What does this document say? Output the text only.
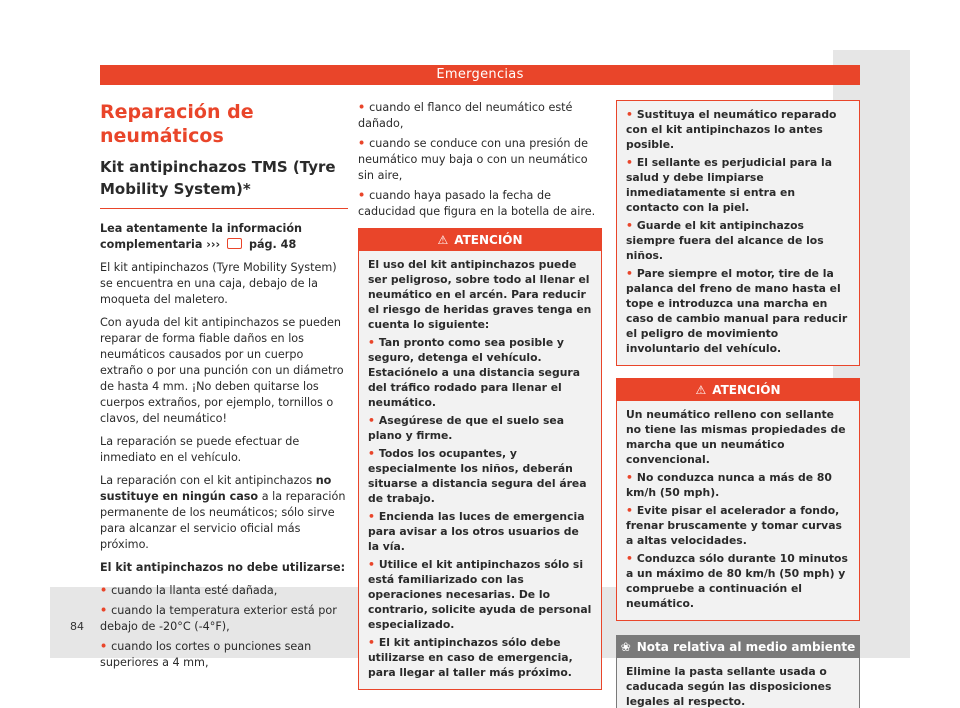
Emergencias
Reparación de neumáticos
Kit antipinchazos TMS (Tyre Mobility System)*

Lea atentamente la información complementaria ›››	pág. 48

El kit antipinchazos (Tyre Mobility System) se encuentra en una caja, debajo de la moqueta del maletero.

Con ayuda del kit antipinchazos se pueden reparar de forma fiable daños en los neumáticos causados por un cuerpo extraño o por una punción con un diámetro de hasta 4 mm. ¡No deben quitarse los cuerpos extraños, por ejemplo, tornillos o clavos, del neumático!

La reparación se puede efectuar de inmediato en el vehículo.

La reparación con el kit antipinchazos no sustituye en ningún caso a la reparación permanente de los neumáticos; sólo sirve para alcanzar el servicio oficial más próximo.

El kit antipinchazos no debe utilizarse:

• cuando la llanta esté dañada,
• cuando la temperatura exterior está por debajo de -20°C (-4°F),
• cuando los cortes o punciones sean superiores a 4 mm,
• cuando el flanco del neumático esté dañado,
• cuando se conduce con una presión de neumático muy baja o con un neumático sin aire,
• cuando haya pasado la fecha de caducidad que figura en la botella de aire.
⚠ ATENCIÓN

El uso del kit antipinchazos puede ser peligroso, sobre todo al llenar el neumático en el arcén. Para reducir el riesgo de heridas graves tenga en cuenta lo siguiente:

• Tan pronto como sea posible y seguro, detenga el vehículo. Estaciónelo a una distancia segura del tráfico rodado para llenar el neumático.
• Asegúrese de que el suelo sea plano y firme.
• Todos los ocupantes, y especialmente los niños, deberán situarse a distancia segura del área de trabajo.
• Encienda las luces de emergencia para avisar a los otros usuarios de la vía.
• Utilice el kit antipinchazos sólo si está familiarizado con las operaciones necesarias. De lo contrario, solicite ayuda de personal especializado.
• El kit antipinchazos sólo debe utilizarse en caso de emergencia, para llegar al taller más próximo.
• Sustituya el neumático reparado con el kit antipinchazos lo antes posible.
• El sellante es perjudicial para la salud y debe limpiarse inmediatamente si entra en contacto con la piel.
• Guarde el kit antipinchazos siempre fuera del alcance de los niños.
• Pare siempre el motor, tire de la palanca del freno de mano hasta el tope e introduzca una marcha en caso de cambio manual para reducir el peligro de movimiento involuntario del vehículo.
⚠ ATENCIÓN

Un neumático relleno con sellante no tiene las mismas propiedades de marcha que un neumático convencional.

• No conduzca nunca a más de 80 km/h (50 mph).
• Evite pisar el acelerador a fondo, frenar bruscamente y tomar curvas a altas velocidades.
• Conduzca sólo durante 10 minutos a un máximo de 80 km/h (50 mph) y compruebe a continuación el neumático.
❀ Nota relativa al medio ambiente

Elimine la pasta sellante usada o caducada según las disposiciones legales al respecto.

84
